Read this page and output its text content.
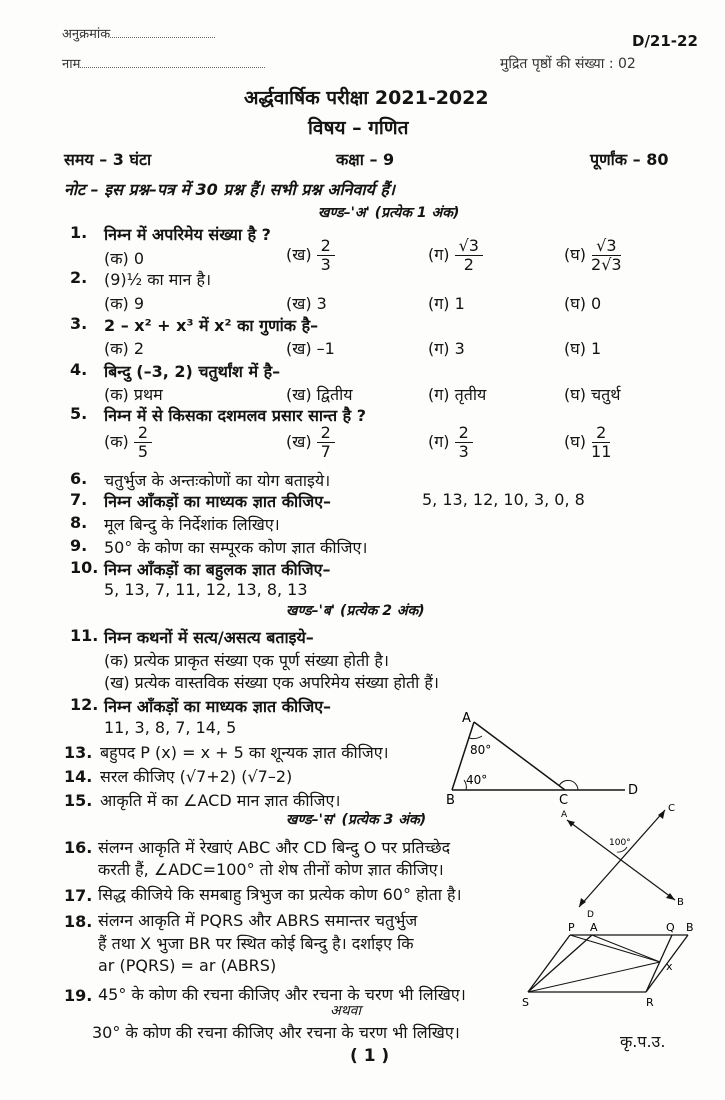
अनुक्रमांक
नाम
D/21-22
मुद्रित पृष्ठों की संख्या : 02
अर्द्धवार्षिक परीक्षा 2021-2022
विषय – गणित
समय – 3 घंटा	कक्षा – 9	पूर्णांक – 80
नोट – इस प्रश्न–पत्र में 30 प्रश्न हैं। सभी प्रश्न अनिवार्य हैं।
खण्ड–'अ' (प्रत्येक 1 अंक)
1. निम्न में अपरिमेय संख्या है ?
(क) 0	(ख) $\frac{2}{3}$	(ग) $\frac{√3}{2}$	(घ) $\frac{√3}{2√3}$
2. (9)½ का मान है।
(क) 9	(ख) 3	(ग) 1	(घ) 0
3. 2 – x² + x³ में x² का गुणांक है–
(क) 2	(ख) –1	(ग) 3	(घ) 1
4. बिन्दु (–3, 2) चतुर्थांश में है–
(क) प्रथम	(ख) द्वितीय	(ग) तृतीय	(घ) चतुर्थ
5. निम्न में से किसका दशमलव प्रसार सान्त है ?
(क) $\frac{2}{5}$	(ख) $\frac{2}{7}$	(ग) $\frac{2}{3}$	(घ) $\frac{2}{11}$
6. चतुर्भुज के अन्तःकोणों का योग बताइये।
7. निम्न आँकड़ों का माध्यक ज्ञात कीजिए–	5, 13, 12, 10, 3, 0, 8
8. मूल बिन्दु के निर्देशांक लिखिए।
9. 50° के कोण का सम्पूरक कोण ज्ञात कीजिए।
10. निम्न आँकड़ों का बहुलक ज्ञात कीजिए–
5, 13, 7, 11, 12, 13, 8, 13
खण्ड–'ब' (प्रत्येक 2 अंक)
11. निम्न कथनों में सत्य/असत्य बताइये–
(क) प्रत्येक प्राकृत संख्या एक पूर्ण संख्या होती है।
(ख) प्रत्येक वास्तविक संख्या एक अपरिमेय संख्या होती हैं।
12. निम्न आँकड़ों का माध्यक ज्ञात कीजिए–
11, 3, 8, 7, 14, 5
13. बहुपद P (x) = x + 5 का शून्यक ज्ञात कीजिए।
14. सरल कीजिए (√7+2) (√7–2)
15. आकृति में का ∠ACD मान ज्ञात कीजिए।
A
80°
40°
B	C
D
खण्ड–'स' (प्रत्येक 3 अंक)	A
100°
C
B
D
16. संलग्न आकृति में रेखाएं ABC और CD बिन्दु O पर प्रतिच्छेद
करती हैं, ∠ADC=100° तो शेष तीनों कोण ज्ञात कीजिए।
17. सिद्ध कीजिये कि समबाहु त्रिभुज का प्रत्येक कोण 60° होता है।
18. संलग्न आकृति में PQRS और ABRS समान्तर चतुर्भुज
हैं तथा X भुजा BR पर स्थित कोई बिन्दु है। दर्शाइए कि
ar (PQRS) = ar (ABRS)
P A	Q B
x
S	R
19. 45° के कोण की रचना कीजिए और रचना के चरण भी लिखिए।
अथवा
30° के कोण की रचना कीजिए और रचना के चरण भी लिखिए।
( 1 )
कृ.प.उ.
